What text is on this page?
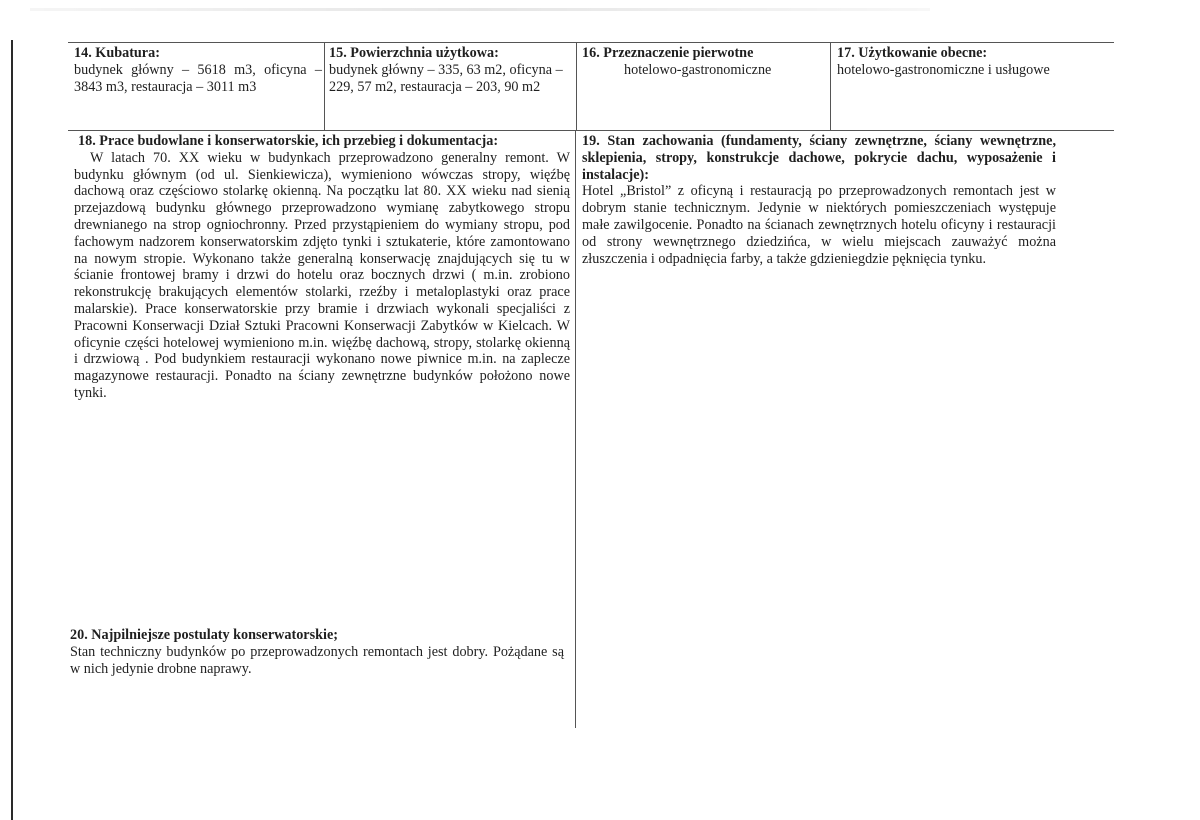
14. Kubatura:
budynek główny – 5618 m3, oficyna – 3843 m3, restauracja – 3011 m3
15. Powierzchnia użytkowa:
budynek główny – 335, 63 m2, oficyna – 229, 57 m2, restauracja – 203, 90 m2
16. Przeznaczenie pierwotne
hotelowo-gastronomiczne
17. Użytkowanie obecne:
hotelowo-gastronomiczne i usługowe
18. Prace budowlane i konserwatorskie, ich przebieg i dokumentacja:
W latach 70. XX wieku w budynkach przeprowadzono generalny remont. W budynku głównym (od ul. Sienkiewicza), wymieniono wówczas stropy, więźbę dachową oraz częściowo stolarkę okienną. Na początku lat 80. XX wieku nad sienią przejazdową budynku głównego przeprowadzono wymianę zabytkowego stropu drewnianego na strop ogniochronny. Przed przystąpieniem do wymiany stropu, pod fachowym nadzorem konserwatorskim zdjęto tynki i sztukaterie, które zamontowano na nowym stropie. Wykonano także generalną konserwację znajdujących się tu w ścianie frontowej bramy i drzwi do hotelu oraz bocznych drzwi ( m.in. zrobiono rekonstrukcję brakujących elementów stolarki, rzeźby i metaloplastyki oraz prace malarskie). Prace konserwatorskie przy bramie i drzwiach wykonali specjaliści z Pracowni Konserwacji Dział Sztuki Pracowni Konserwacji Zabytków w Kielcach. W oficynie części hotelowej wymieniono m.in. więźbę dachową, stropy, stolarkę okienną i drzwiową . Pod budynkiem restauracji wykonano nowe piwnice m.in. na zaplecze magazynowe restauracji. Ponadto na ściany zewnętrzne budynków położono nowe tynki.
19. Stan zachowania (fundamenty, ściany zewnętrzne, ściany wewnętrzne, sklepienia, stropy, konstrukcje dachowe, pokrycie dachu, wyposażenie i instalacje):
Hotel „Bristol” z oficyną i restauracją po przeprowadzonych remontach jest w dobrym stanie technicznym. Jedynie w niektórych pomieszczeniach występuje małe zawilgocenie. Ponadto na ścianach zewnętrznych hotelu oficyny i restauracji od strony wewnętrznego dziedzińca, w wielu miejscach zauważyć można złuszczenia i odpadnięcia farby, a także gdzieniegdzie pęknięcia tynku.
20. Najpilniejsze postulaty konserwatorskie;
Stan techniczny budynków po przeprowadzonych remontach jest dobry. Pożądane są w nich jedynie drobne naprawy.
